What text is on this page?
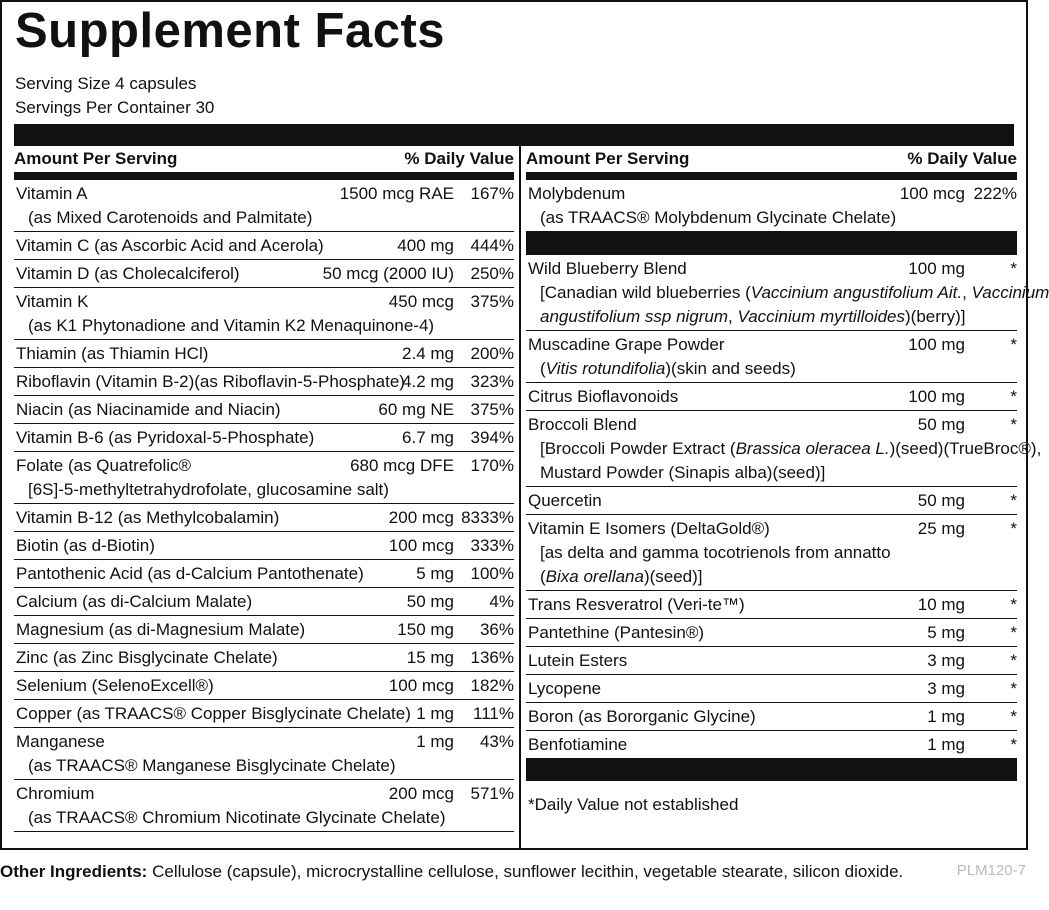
Supplement Facts
Serving Size 4 capsules
Servings Per Container 30
Amount Per Serving	% Daily Value
Vitamin A	1500 mcg RAE 167%
(as Mixed Carotenoids and Palmitate)
Vitamin C (as Ascorbic Acid and Acerola)	400 mg 444%
Vitamin D (as Cholecalciferol)	50 mcg (2000 IU) 250%
Vitamin K	450 mcg 375%
(as K1 Phytonadione and Vitamin K2 Menaquinone-4)
Thiamin (as Thiamin HCl)	2.4 mg 200%
Riboflavin (Vitamin B-2)(as Riboflavin-5-Phosphate)
4.2 mg 323%
Niacin (as Niacinamide and Niacin)	60 mg NE 375%
Vitamin B-6 (as Pyridoxal-5-Phosphate)	6.7 mg 394%
Folate (as Quatrefolic®	680 mcg DFE 170%
[6S]-5-methyltetrahydrofolate, glucosamine salt)
Vitamin B-12 (as Methylcobalamin)	200 mcg 8333%
Biotin (as d-Biotin)	100 mcg 333%
Pantothenic Acid (as d-Calcium Pantothenate)	5 mg 100%
Calcium (as di-Calcium Malate)	50 mg 4%
Magnesium (as di-Magnesium Malate)	150 mg 36%
Zinc (as Zinc Bisglycinate Chelate)	15 mg 136%
Selenium (SelenoExcell®)	100 mcg 182%
Copper (as TRAACS® Copper Bisglycinate Chelate) 1 mg 111%
Manganese	1 mg 43%
(as TRAACS® Manganese Bisglycinate Chelate)
Chromium	200 mcg 571%
(as TRAACS® Chromium Nicotinate Glycinate Chelate)
Amount Per Serving	% Daily Value
Molybdenum	100 mcg 222%
(as TRAACS® Molybdenum Glycinate Chelate)
Wild Blueberry Blend	100 mg	*
[Canadian wild blueberries (Vaccinium angustifolium Ait., Vaccinium
angustifolium ssp nigrum, Vaccinium myrtilloides)(berry)]
Muscadine Grape Powder	100 mg	*
(Vitis rotundifolia)(skin and seeds)
Citrus Bioflavonoids	100 mg	*
Broccoli Blend	50 mg	*
[Broccoli Powder Extract (Brassica oleracea L.)(seed)(TrueBroc®),
Mustard Powder (Sinapis alba)(seed)]
Quercetin	50 mg	*
Vitamin E Isomers (DeltaGold®)	25 mg	*
[as delta and gamma tocotrienols from annatto
(Bixa orellana)(seed)]
Trans Resveratrol (Veri-te™)	10 mg	*
Pantethine (Pantesin®)	5 mg	*
Lutein Esters	3 mg	*
Lycopene	3 mg	*
Boron (as Bororganic Glycine)	1 mg	*
Benfotiamine	1 mg	*
*Daily Value not established
Other Ingredients: Cellulose (capsule), microcrystalline cellulose, sunflower lecithin, vegetable stearate, silicon dioxide.	PLM120-7
